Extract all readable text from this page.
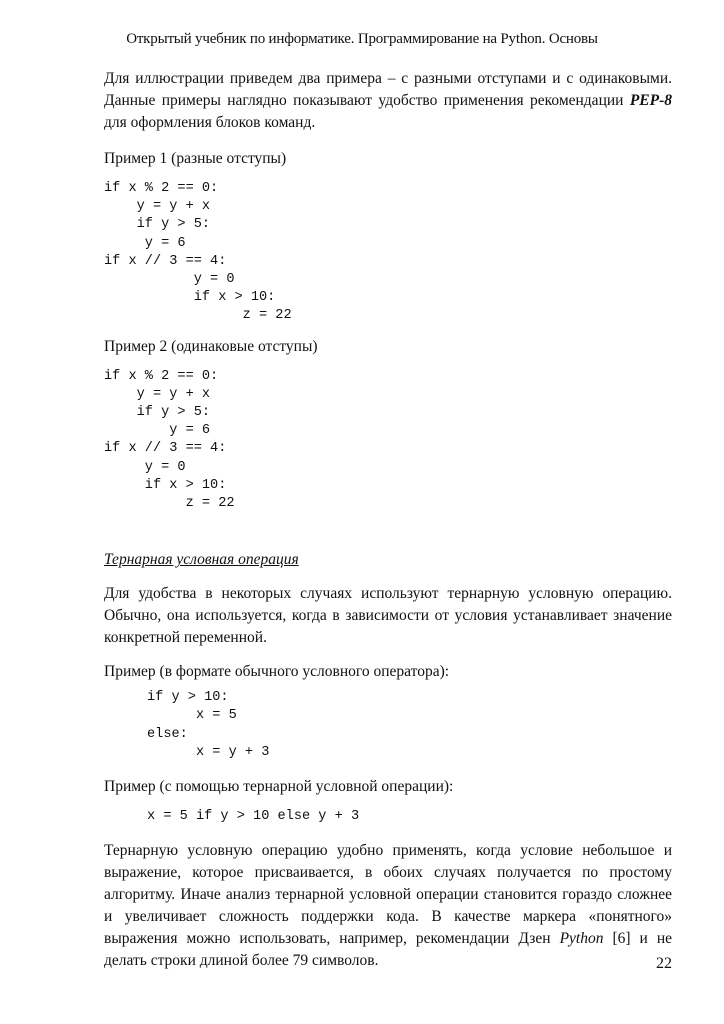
Открытый учебник по информатике. Программирование на Python. Основы

Для иллюстрации приведем два примера – с разными отступами и с одинаковыми. Данные примеры наглядно показывают удобство применения рекомендации PEP-8 для оформления блоков команд.

Пример 1 (разные отступы)

if x % 2 == 0:
y = y + x
if y > 5:
y = 6
if x // 3 == 4:
y = 0
if x > 10:
z = 22

Пример 2 (одинаковые отступы)

if x % 2 == 0:
y = y + x
if y > 5:
y = 6
if x // 3 == 4:
y = 0
if x > 10:
z = 22

Тернарная условная операция

Для удобства в некоторых случаях используют тернарную условную операцию. Обычно, она используется, когда в зависимости от условия устанавливает значение конкретной переменной.

Пример (в формате обычного условного оператора):

if y > 10:
x = 5
else:
x = y + 3

Пример (с помощью тернарной условной операции):

x = 5 if y > 10 else y + 3

Тернарную условную операцию удобно применять, когда условие небольшое и выражение, которое присваивается, в обоих случаях получается по простому алгоритму. Иначе анализ тернарной условной операции становится гораздо сложнее и увеличивает сложность поддержки кода. В качестве маркера «понятного» выражения можно использовать, например, рекомендации Дзен Python [6] и не делать строки длиной более 79 символов.	22
